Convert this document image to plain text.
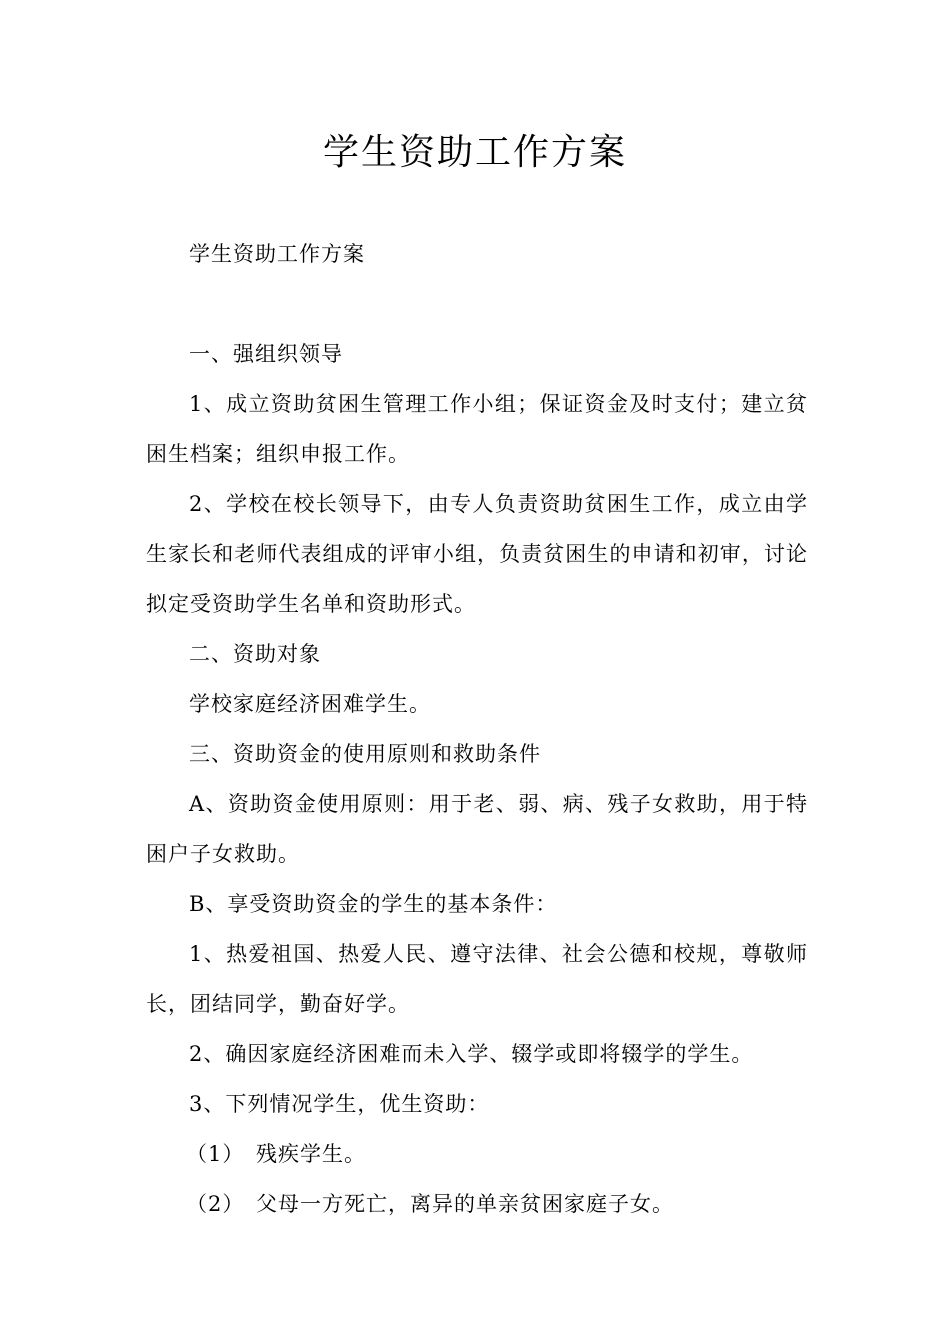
学生资助工作方案

学生资助工作方案

一、强组织领导

1、成立资助贫困生管理工作小组；保证资金及时支付；建立贫困生档案；组织申报工作。

2、学校在校长领导下，由专人负责资助贫困生工作，成立由学生家长和老师代表组成的评审小组，负责贫困生的申请和初审，讨论拟定受资助学生名单和资助形式。

二、资助对象

学校家庭经济困难学生。

三、资助资金的使用原则和救助条件

A、资助资金使用原则：用于老、弱、病、残子女救助，用于特困户子女救助。

B、享受资助资金的学生的基本条件：

1、热爱祖国、热爱人民、遵守法律、社会公德和校规，尊敬师长，团结同学，勤奋好学。

2、确因家庭经济困难而未入学、辍学或即将辍学的学生。

3、下列情况学生，优生资助：

（1） 残疾学生。

（2） 父母一方死亡，离异的单亲贫困家庭子女。
